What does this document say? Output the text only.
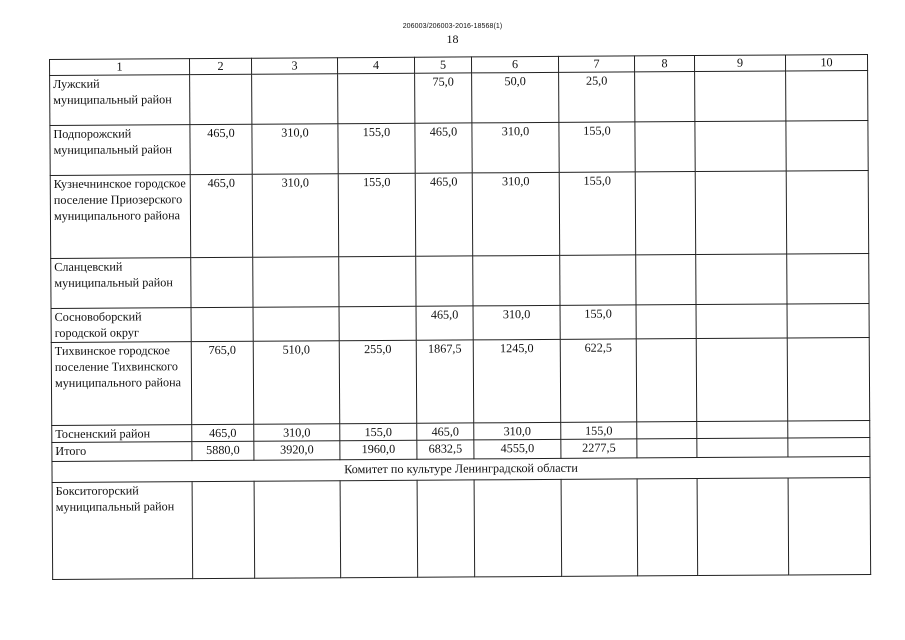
206003/206003-2016-18568(1)
18
1	2	3	4	5	6	7	8	9	10
Лужский муниципальный район				75,0	50,0	25,0			
Подпорожский муниципальный район	465,0	310,0	155,0	465,0	310,0	155,0			
Кузнечнинское городское поселение Приозерского муниципального района	465,0	310,0	155,0	465,0	310,0	155,0			
Сланцевский муниципальный район									
Сосновоборский городской округ				465,0	310,0	155,0			
Тихвинское городское поселение Тихвинского муниципального района	765,0	510,0	255,0	1867,5	1245,0	622,5			
Тосненский район	465,0	310,0	155,0	465,0	310,0	155,0			
Итого	5880,0	3920,0	1960,0	6832,5	4555,0	2277,5			
Комитет по культуре Ленинградской области									
Бокситогорский муниципальный район									
